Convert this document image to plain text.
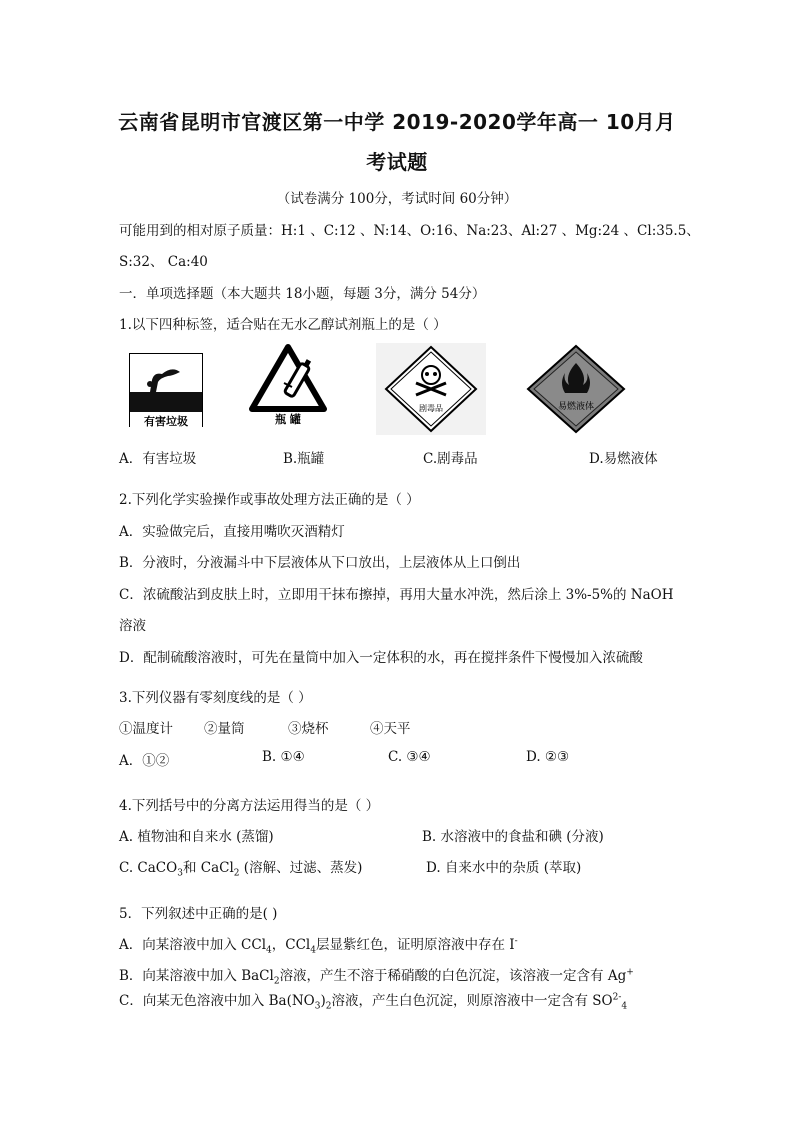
云南省昆明市官渡区第一中学 2019-2020学年高一 10月月
考试题
（试卷满分 100分，考试时间 60分钟）
可能用到的相对原子质量：H:1 、C:12 、N:14、O:16、Na:23、Al:27 、Mg:24 、Cl:35.5、
S:32、 Ca:40
一．单项选择题（本大题共 18小题，每题 3分，满分 54分）
1.以下四种标签，适合贴在无水乙醇试剂瓶上的是（ ）
有害垃圾	瓶 罐
剧毒品	易燃液体
A．有害垃圾	B.瓶罐	C.剧毒品	D.易燃液体
2.下列化学实验操作或事故处理方法正确的是（ ）
A．实验做完后，直接用嘴吹灭酒精灯
B．分液时，分液漏斗中下层液体从下口放出，上层液体从上口倒出
C．浓硫酸沾到皮肤上时，立即用干抹布擦掉，再用大量水冲洗，然后涂上 3%-5%的 NaOH
溶液
D．配制硫酸溶液时，可先在量筒中加入一定体积的水，再在搅拌条件下慢慢加入浓硫酸
3.下列仪器有零刻度线的是（ ）
①温度计 ②量筒	③烧杯	④天平
A．①②	B. ①④	C. ③④	D. ②③
4.下列括号中的分离方法运用得当的是（ ）
A. 植物油和自来水 (蒸馏)	B. 水溶液中的食盐和碘 (分液)
C. CaCO$_3$和 CaCl$_2$ (溶解、过滤、蒸发)	D. 自来水中的杂质 (萃取)
5．下列叙述中正确的是( )
A．向某溶液中加入 CCl$_4$，CCl$_4$层显紫红色，证明原溶液中存在 I-
B．向某溶液中加入 BaCl$_2$溶液，产生不溶于稀硝酸的白色沉淀，该溶液一定含有 Ag+
C．向某无色溶液中加入 $Ba(NO_3)_2$溶液，产生白色沉淀，则原溶液中一定含有 $SO^{2-}_4$
